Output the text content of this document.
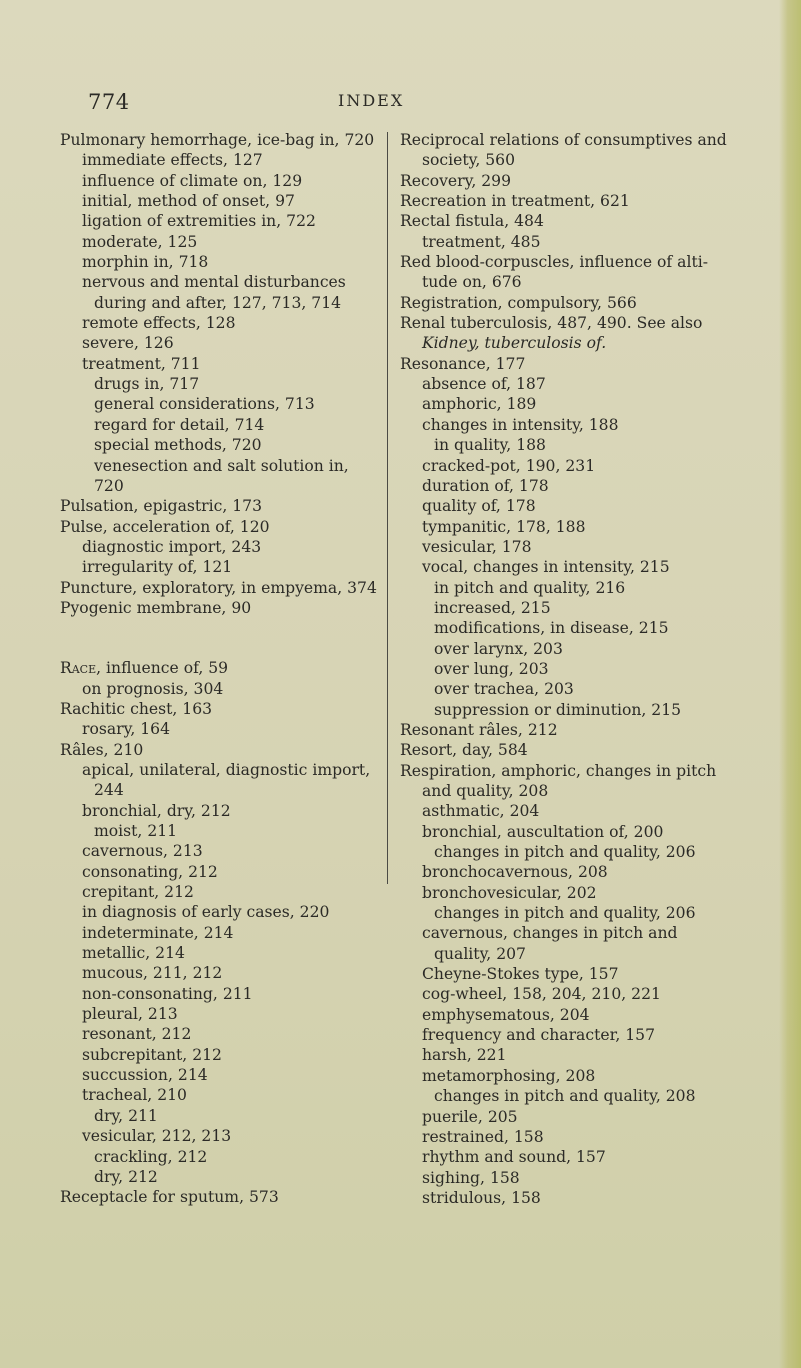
774	INDEX
Pulmonary hemorrhage, ice-bag in, 720
immediate effects, 127
influence of climate on, 129
initial, method of onset, 97
ligation of extremities in, 722
moderate, 125
morphin in, 718
nervous and mental disturbances
during and after, 127, 713, 714
remote effects, 128
severe, 126
treatment, 711
drugs in, 717
general considerations, 713
regard for detail, 714
special methods, 720
venesection and salt solution in,
720
Pulsation, epigastric, 173
Pulse, acceleration of, 120
diagnostic import, 243
irregularity of, 121
Puncture, exploratory, in empyema, 374
Pyogenic membrane, 90
Race, influence of, 59
on prognosis, 304
Rachitic chest, 163
rosary, 164
Râles, 210
apical, unilateral, diagnostic import,
244
bronchial, dry, 212
moist, 211
cavernous, 213
consonating, 212
crepitant, 212
in diagnosis of early cases, 220
indeterminate, 214
metallic, 214
mucous, 211, 212
non-consonating, 211
pleural, 213
resonant, 212
subcrepitant, 212
succussion, 214
tracheal, 210
dry, 211
vesicular, 212, 213
crackling, 212
dry, 212
Receptacle for sputum, 573
Reciprocal relations of consumptives and
society, 560
Recovery, 299
Recreation in treatment, 621
Rectal fistula, 484
treatment, 485
Red blood-corpuscles, influence of alti-
tude on, 676
Registration, compulsory, 566
Renal tuberculosis, 487, 490. See also
Kidney, tuberculosis of.
Resonance, 177
absence of, 187
amphoric, 189
changes in intensity, 188
in quality, 188
cracked-pot, 190, 231
duration of, 178
quality of, 178
tympanitic, 178, 188
vesicular, 178
vocal, changes in intensity, 215
in pitch and quality, 216
increased, 215
modifications, in disease, 215
over larynx, 203
over lung, 203
over trachea, 203
suppression or diminution, 215
Resonant râles, 212
Resort, day, 584
Respiration, amphoric, changes in pitch
and quality, 208
asthmatic, 204
bronchial, auscultation of, 200
changes in pitch and quality, 206
bronchocavernous, 208
bronchovesicular, 202
changes in pitch and quality, 206
cavernous, changes in pitch and
quality, 207
Cheyne-Stokes type, 157
cog-wheel, 158, 204, 210, 221
emphysematous, 204
frequency and character, 157
harsh, 221
metamorphosing, 208
changes in pitch and quality, 208
puerile, 205
restrained, 158
rhythm and sound, 157
sighing, 158
stridulous, 158
